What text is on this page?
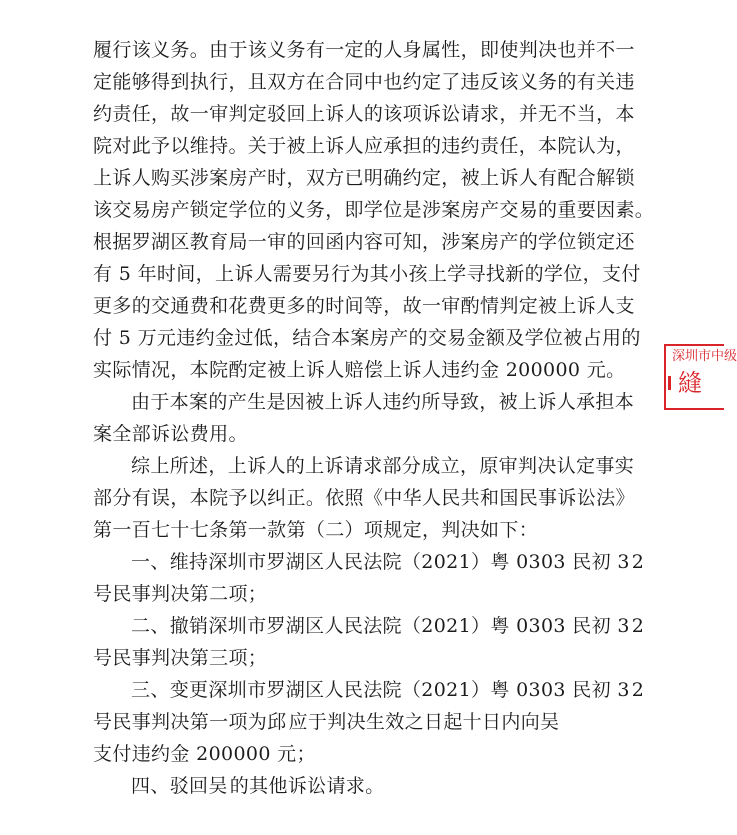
履行该义务。由于该义务有一定的人身属性，即使判决也并不一
定能够得到执行，且双方在合同中也约定了违反该义务的有关违
约责任，故一审判定驳回上诉人的该项诉讼请求，并无不当，本
院对此予以维持。关于被上诉人应承担的违约责任，本院认为，
上诉人购买涉案房产时，双方已明确约定，被上诉人有配合解锁
该交易房产锁定学位的义务，即学位是涉案房产交易的重要因素。
根据罗湖区教育局一审的回函内容可知，涉案房产的学位锁定还
有 5 年时间，上诉人需要另行为其小孩上学寻找新的学位，支付
更多的交通费和花费更多的时间等，故一审酌情判定被上诉人支
付 5 万元违约金过低，结合本案房产的交易金额及学位被占用的
实际情况，本院酌定被上诉人赔偿上诉人违约金 200000 元。
由于本案的产生是因被上诉人违约所导致，被上诉人承担本
案全部诉讼费用。
综上所述，上诉人的上诉请求部分成立，原审判决认定事实
部分有误，本院予以纠正。依照《中华人民共和国民事诉讼法》
第一百七十七条第一款第（二）项规定，判决如下：
一、维持深圳市罗湖区人民法院（2021）粤 0303 民初 3 2
号民事判决第二项；
二、撤销深圳市罗湖区人民法院（2021）粤 0303 民初 3 2
号民事判决第三项；
三、变更深圳市罗湖区人民法院（2021）粤 0303 民初 3 2
号民事判决第一项为邱 应于判决生效之日起十日内向吴
支付违约金 200000 元；
四、驳回吴 的其他诉讼请求。
深圳市中级
縫
